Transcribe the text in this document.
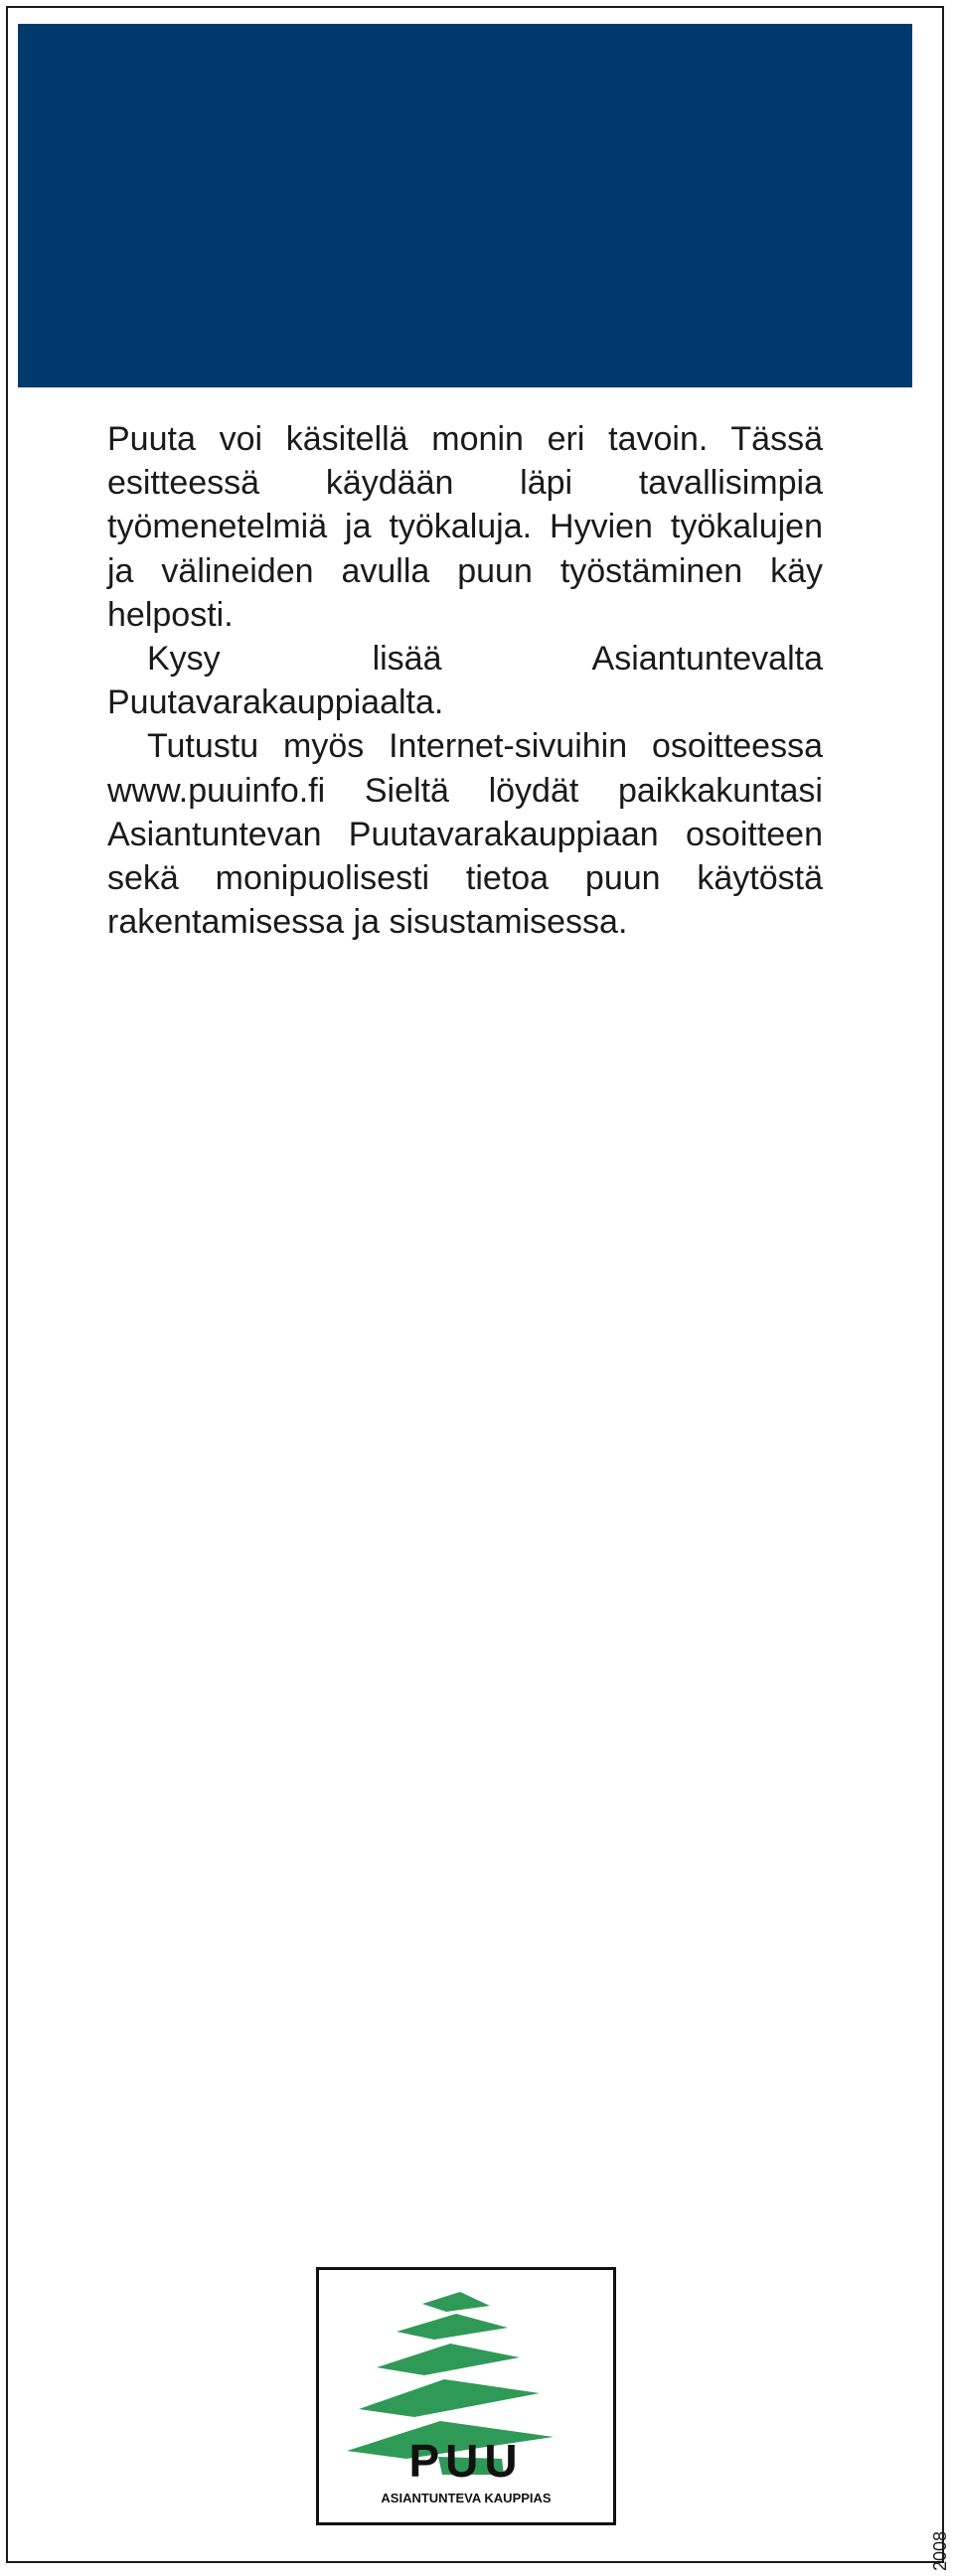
Puuta voi käsitellä monin eri tavoin. Tässä esitteessä käydään läpi tavallisimpia työmenetelmiä ja työkaluja. Hyvien työkalujen ja välineiden avulla puun työstäminen käy helposti.

Kysy lisää Asiantuntevalta Puutavarakauppiaalta.

Tutustu myös Internet-sivuihin osoitteessa www.puuinfo.fi Sieltä löydät paikkakuntasi Asiantuntevan Puutavarakauppiaan osoitteen sekä monipuolisesti tietoa puun käytöstä rakentamisessa ja sisustamisessa.

PUU
ASIANTUNTEVA KAUPPIAS
2008
